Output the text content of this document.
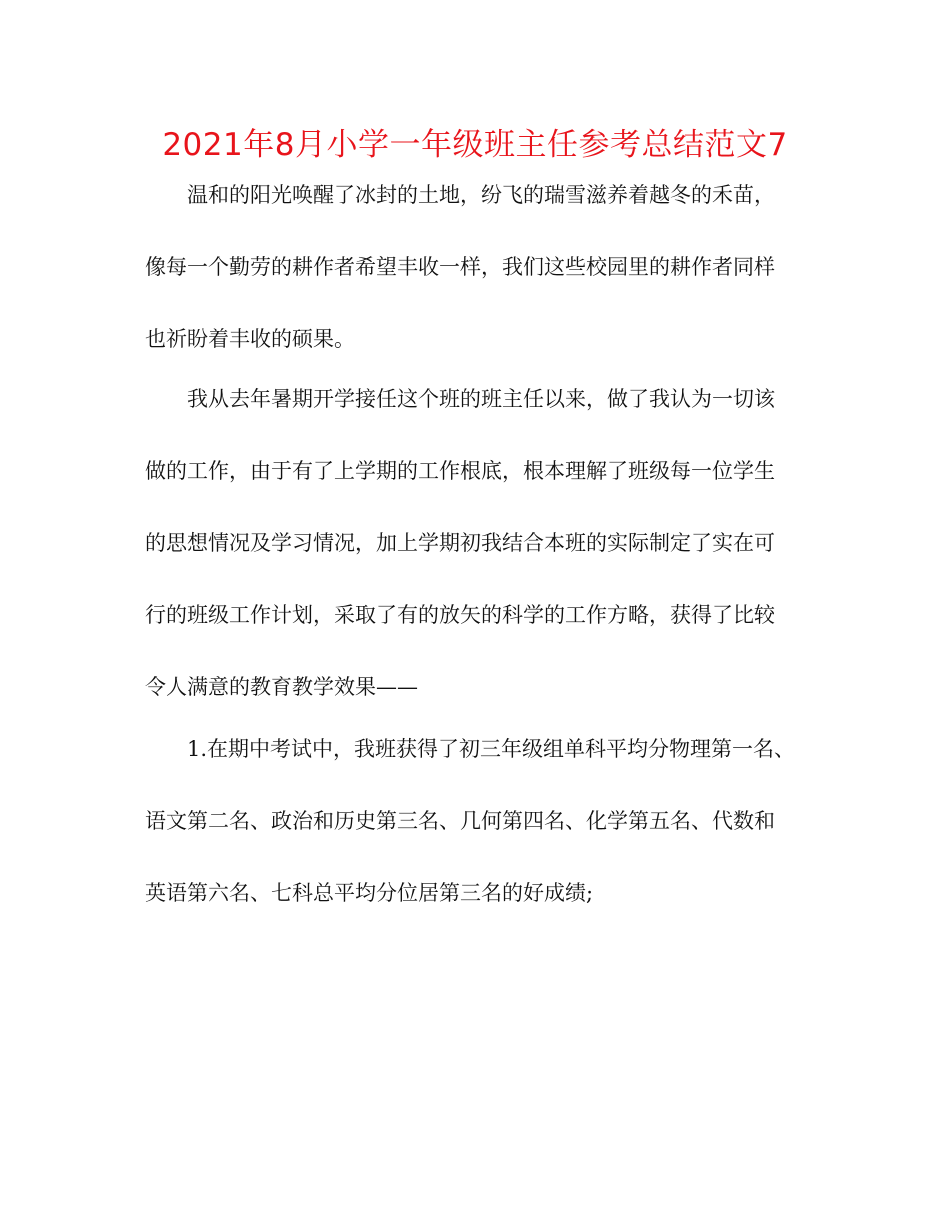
2021年8月小学一年级班主任参考总结范文7
温和的阳光唤醒了冰封的土地，纷飞的瑞雪滋养着越冬的禾苗，
像每一个勤劳的耕作者希望丰收一样，我们这些校园里的耕作者同样
也祈盼着丰收的硕果。
我从去年暑期开学接任这个班的班主任以来，做了我认为一切该
做的工作，由于有了上学期的工作根底，根本理解了班级每一位学生
的思想情况及学习情况，加上学期初我结合本班的实际制定了实在可
行的班级工作计划，采取了有的放矢的科学的工作方略，获得了比较
令人满意的教育教学效果——
1.在期中考试中，我班获得了初三年级组单科平均分物理第一名、
语文第二名、政治和历史第三名、几何第四名、化学第五名、代数和
英语第六名、七科总平均分位居第三名的好成绩;
